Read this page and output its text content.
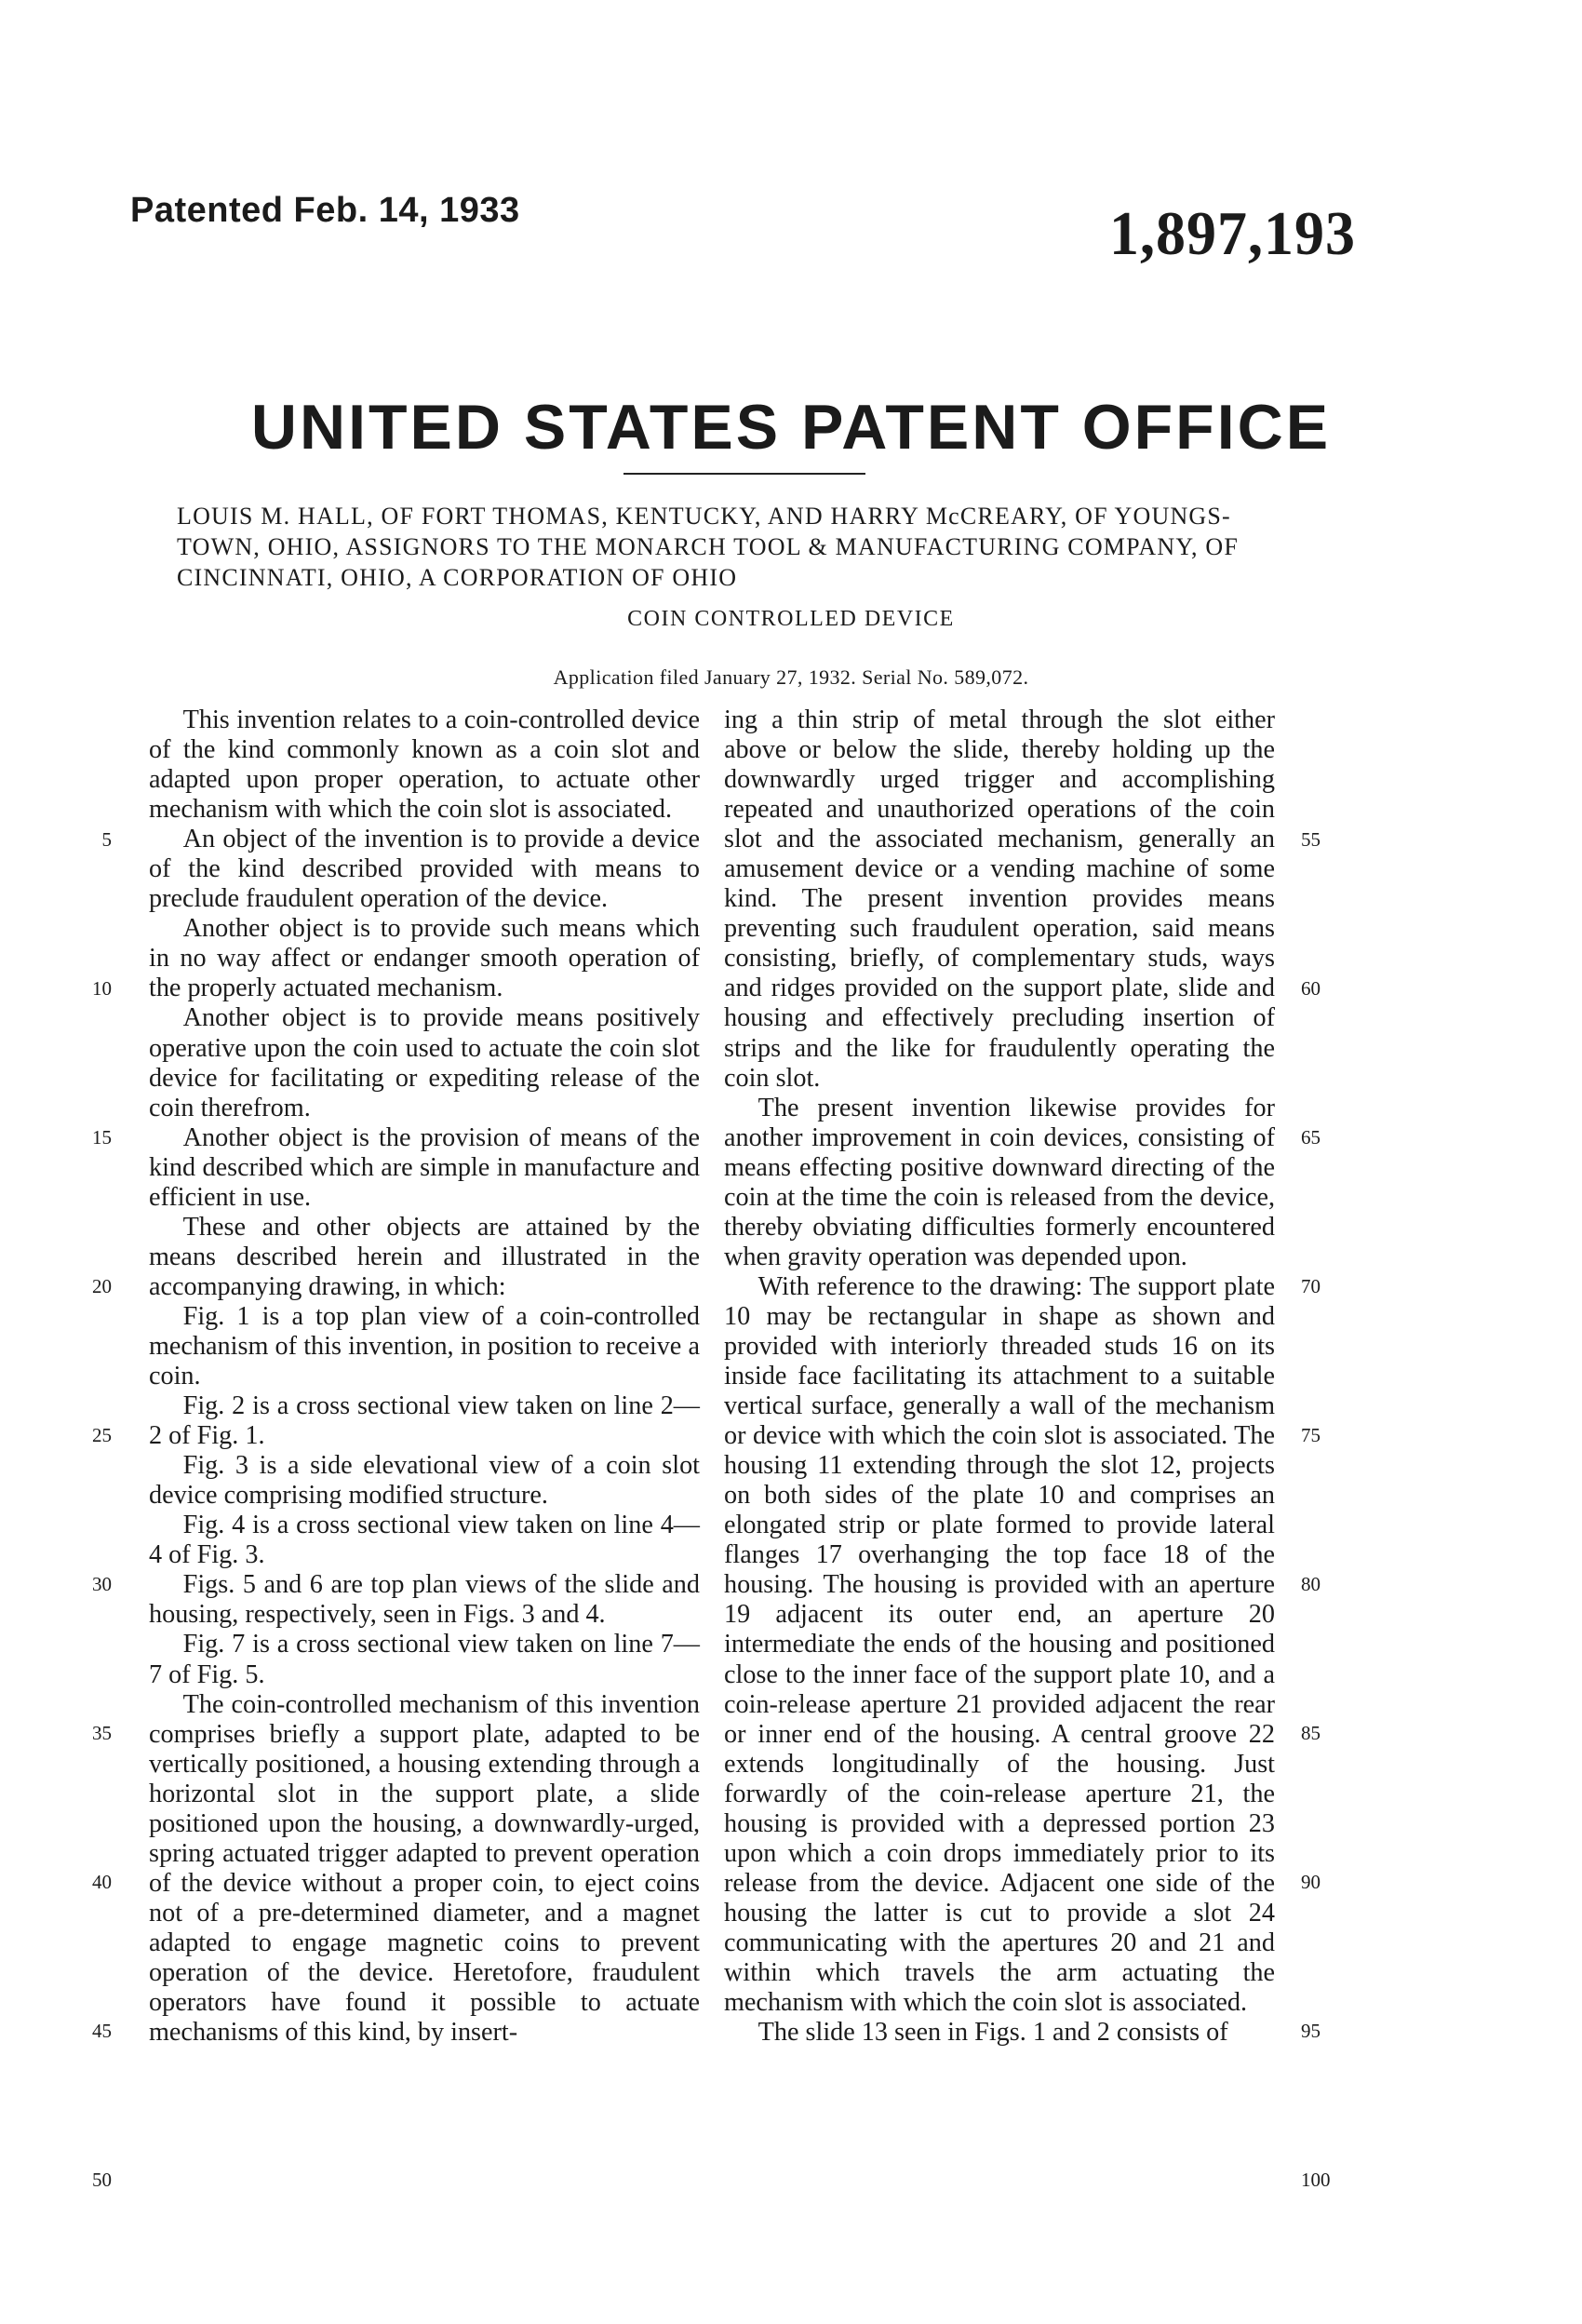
Patented Feb. 14, 1933	1,897,193
UNITED STATES PATENT OFFICE
LOUIS M. HALL, OF FORT THOMAS, KENTUCKY, AND HARRY McCREARY, OF YOUNGS-
TOWN, OHIO, ASSIGNORS TO THE MONARCH TOOL & MANUFACTURING COMPANY, OF
CINCINNATI, OHIO, A CORPORATION OF OHIO
COIN CONTROLLED DEVICE
Application filed January 27, 1932. Serial No. 589,072.

This invention relates to a coin-controlled device of the kind commonly known as a coin slot and adapted upon proper operation, to actuate other mechanism with which the coin slot is associated.

An object of the invention is to provide a device of the kind described provided with means to preclude fraudulent operation of the device.

Another object is to provide such means which in no way affect or endanger smooth operation of the properly actuated mechanism.

Another object is to provide means positively operative upon the coin used to actuate the coin slot device for facilitating or expediting release of the coin therefrom.

Another object is the provision of means of the kind described which are simple in manufacture and efficient in use.

These and other objects are attained by the means described herein and illustrated in the accompanying drawing, in which:

Fig. 1 is a top plan view of a coin-controlled mechanism of this invention, in position to receive a coin.

Fig. 2 is a cross sectional view taken on line 2—2 of Fig. 1.

Fig. 3 is a side elevational view of a coin slot device comprising modified structure.

Fig. 4 is a cross sectional view taken on line 4—4 of Fig. 3.

Figs. 5 and 6 are top plan views of the slide and housing, respectively, seen in Figs. 3 and 4.

Fig. 7 is a cross sectional view taken on line 7—7 of Fig. 5.

The coin-controlled mechanism of this invention comprises briefly a support plate, adapted to be vertically positioned, a housing extending through a horizontal slot in the support plate, a slide positioned upon the housing, a downwardly-urged, spring actuated trigger adapted to prevent operation of the device without a proper coin, to eject coins not of a pre-determined diameter, and a magnet adapted to engage magnetic coins to prevent operation of the device. Heretofore, fraudulent operators have found it possible to actuate mechanisms of this kind, by insert-

ing a thin strip of metal through the slot either above or below the slide, thereby holding up the downwardly urged trigger and accomplishing repeated and unauthorized operations of the coin slot and the associated mechanism, generally an amusement device or a vending machine of some kind. The present invention provides means preventing such fraudulent operation, said means consisting, briefly, of complementary studs, ways and ridges provided on the support plate, slide and housing and effectively precluding insertion of strips and the like for fraudulently operating the coin slot.

The present invention likewise provides for another improvement in coin devices, consisting of means effecting positive downward directing of the coin at the time the coin is released from the device, thereby obviating difficulties formerly encountered when gravity operation was depended upon.

With reference to the drawing: The support plate 10 may be rectangular in shape as shown and provided with interiorly threaded studs 16 on its inside face facilitating its attachment to a suitable vertical surface, generally a wall of the mechanism or device with which the coin slot is associated. The housing 11 extending through the slot 12, projects on both sides of the plate 10 and comprises an elongated strip or plate formed to provide lateral flanges 17 overhanging the top face 18 of the housing. The housing is provided with an aperture 19 adjacent its outer end, an aperture 20 intermediate the ends of the housing and positioned close to the inner face of the support plate 10, and a coin-release aperture 21 provided adjacent the rear or inner end of the housing. A central groove 22 extends longitudinally of the housing. Just forwardly of the coin-release aperture 21, the housing is provided with a depressed portion 23 upon which a coin drops immediately prior to its release from the device. Adjacent one side of the housing the latter is cut to provide a slot 24 communicating with the apertures 20 and 21 and within which travels the arm actuating the mechanism with which the coin slot is associated.

The slide 13 seen in Figs. 1 and 2 consists of

5
10
15
20
25
30
35
40
45
50
55
60
65
70
75
80
85
90
95
100
